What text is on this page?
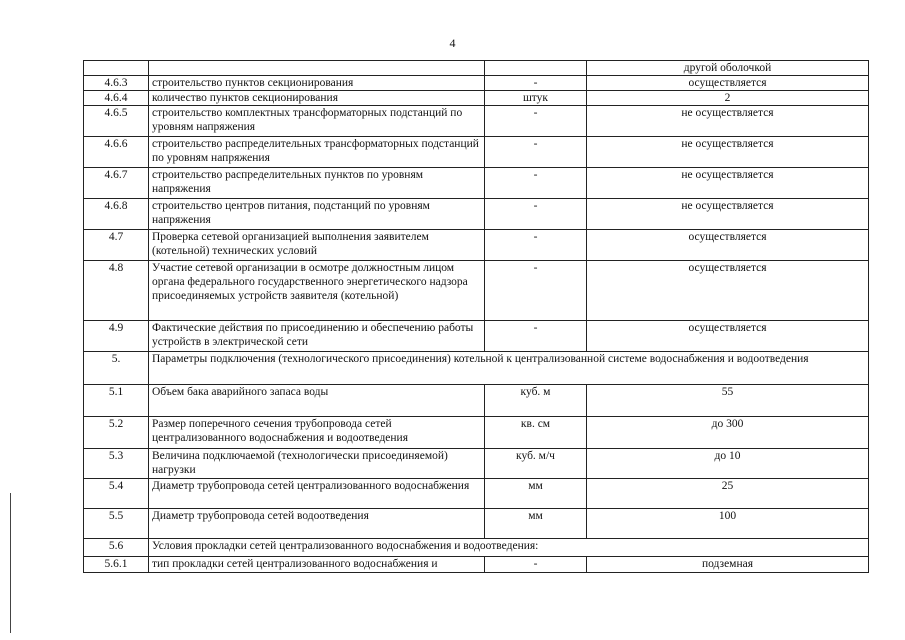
4
			другой оболочкой
4.6.3	строительство пунктов секционирования	-	осуществляется
4.6.4	количество пунктов секционирования	штук	2
4.6.5	строительство комплектных трансформаторных подстанций по уровням напряжения	-	не осуществляется
4.6.6	строительство распределительных трансформаторных подстанций по уровням напряжения	-	не осуществляется
4.6.7	строительство распределительных пунктов по уровням напряжения	-	не осуществляется
4.6.8	строительство центров питания, подстанций по уровням напряжения	-	не осуществляется
4.7	Проверка сетевой организацией выполнения заявителем (котельной) технических условий	-	осуществляется
4.8	Участие сетевой организации в осмотре должностным лицом органа федерального государственного энергетического надзора присоединяемых устройств заявителя (котельной)	-	осуществляется
4.9	Фактические действия по присоединению и обеспечению работы устройств в электрической сети	-	осуществляется
5.	Параметры подключения (технологического присоединения) котельной к централизованной системе водоснабжения и водоотведения		
5.1	Объем бака аварийного запаса воды	куб. м	55
5.2	Размер поперечного сечения трубопровода сетей централизованного водоснабжения и водоотведения	кв. см	до 300
5.3	Величина подключаемой (технологически присоединяемой) нагрузки	куб. м/ч	до 10
5.4	Диаметр трубопровода сетей централизованного водоснабжения	мм	25
5.5	Диаметр трубопровода сетей водоотведения	мм	100
5.6	Условия прокладки сетей централизованного водоснабжения и водоотведения:		
5.6.1	тип прокладки сетей централизованного водоснабжения и	-	подземная
